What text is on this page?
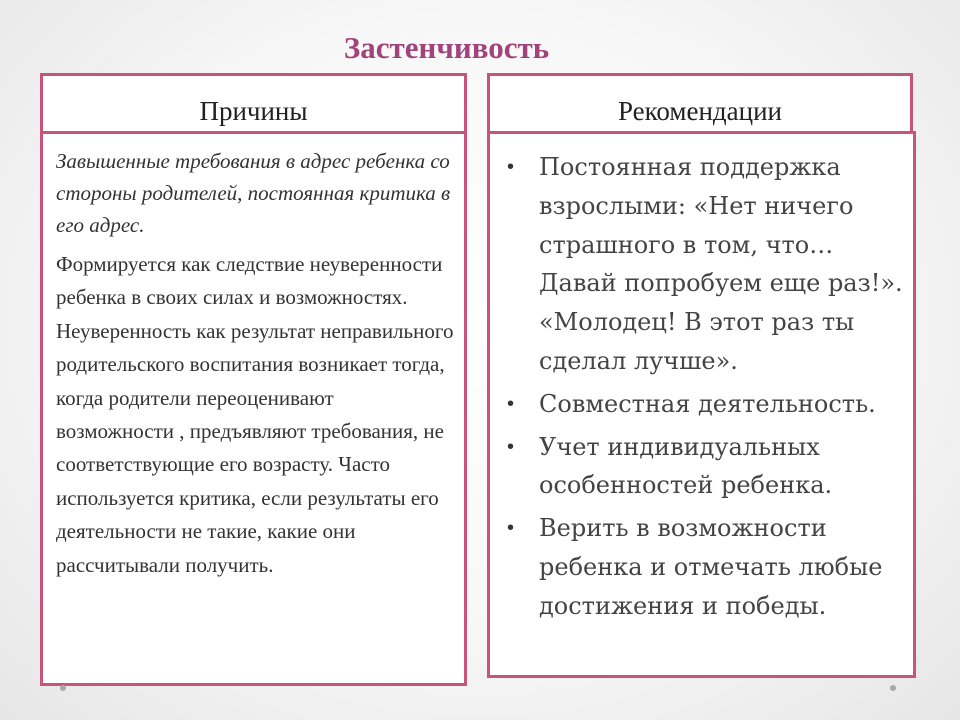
Застенчивость
Причины	Рекомендации

Завышенные требования в адрес ребенка со стороны родителей, постоянная критика в его адрес.

Формируется как следствие неуверенности ребенка в своих силах и возможностях. Неуверенность как результат неправильного родительского воспитания возникает тогда, когда родители переоценивают возможности , предъявляют требования, не соответствующие его возрасту. Часто используется критика, если результаты его деятельности не такие, какие они рассчитывали получить.

• Постоянная поддержка взрослыми: «Нет ничего страшного в том, что… Давай попробуем еще раз!». «Молодец! В этот раз ты сделал лучше».
• Совместная деятельность.
• Учет индивидуальных особенностей ребенка.
• Верить в возможности ребенка и отмечать любые достижения и победы.
